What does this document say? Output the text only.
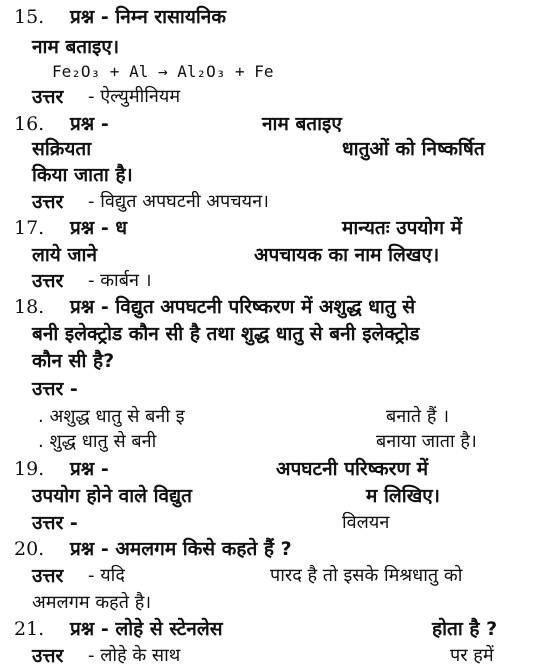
15. प्रश्न - निम्न रासायनिक
नाम बताइए।
Fe₂O₃ + Al → Al₂O₃ + Fe
उत्तर - ऐल्युमीनियम
16. प्रश्न -	नाम बताइए
सक्रियता	धातुओं को निष्कर्षित
किया जाता है।
उत्तर - विद्युत अपघटनी अपचयन।
17. प्रश्न - ध	मान्यतः उपयोग में
लाये जाने	अपचायक का नाम लिखए।
उत्तर - कार्बन ।
18. प्रश्न - विद्युत अपघटनी परिष्करण में अशुद्ध धातु से
बनी इलेक्ट्रोड कौन सी है तथा शुद्ध धातु से बनी इलेक्ट्रोड
कौन सी है?
उत्तर -
. अशुद्ध धातु से बनी इ	बनाते हैं ।
. शुद्ध धातु से बनी	बनाया जाता है।
19. प्रश्न -	अपघटनी परिष्करण में
उपयोग होने वाले विद्युत	म लिखिए।
उत्तर -	विलयन
20. प्रश्न - अमलगम किसे कहते हैं ?
उत्तर - यदि	पारद है तो इसके मिश्रधातु को
अमलगम कहते है।
21. प्रश्न - लोहे से स्टेनलेस	होता है ?
उत्तर - लोहे के साथ	पर हमें
